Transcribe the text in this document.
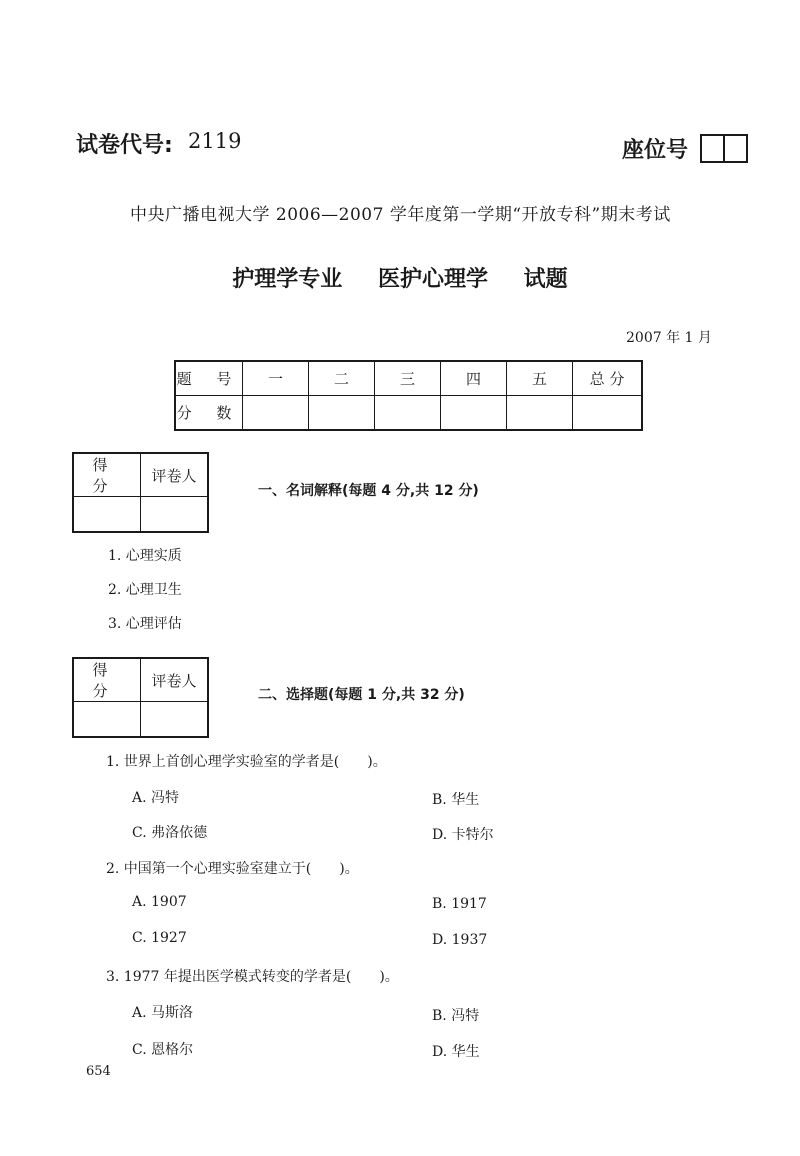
试卷代号: 2119	座位号
中央广播电视大学 2006—2007 学年度第一学期“开放专科”期末考试
护理学专业 医护心理学 试题
2007 年 1 月
题 号	一	二	三	四	五	总 分
分 数						
得 分	评卷人

一、名词解释(每题 4 分,共 12 分)
1. 心理实质
2. 心理卫生
3. 心理评估
得 分	评卷人

二、选择题(每题 1 分,共 32 分)
1. 世界上首创心理学实验室的学者是(　　)。
A. 冯特	B. 华生
C. 弗洛依德	D. 卡特尔
2. 中国第一个心理实验室建立于(　　)。
A. 1907	B. 1917
C. 1927	D. 1937
3. 1977 年提出医学模式转变的学者是(　　)。
A. 马斯洛	B. 冯特
C. 恩格尔	D. 华生
654
